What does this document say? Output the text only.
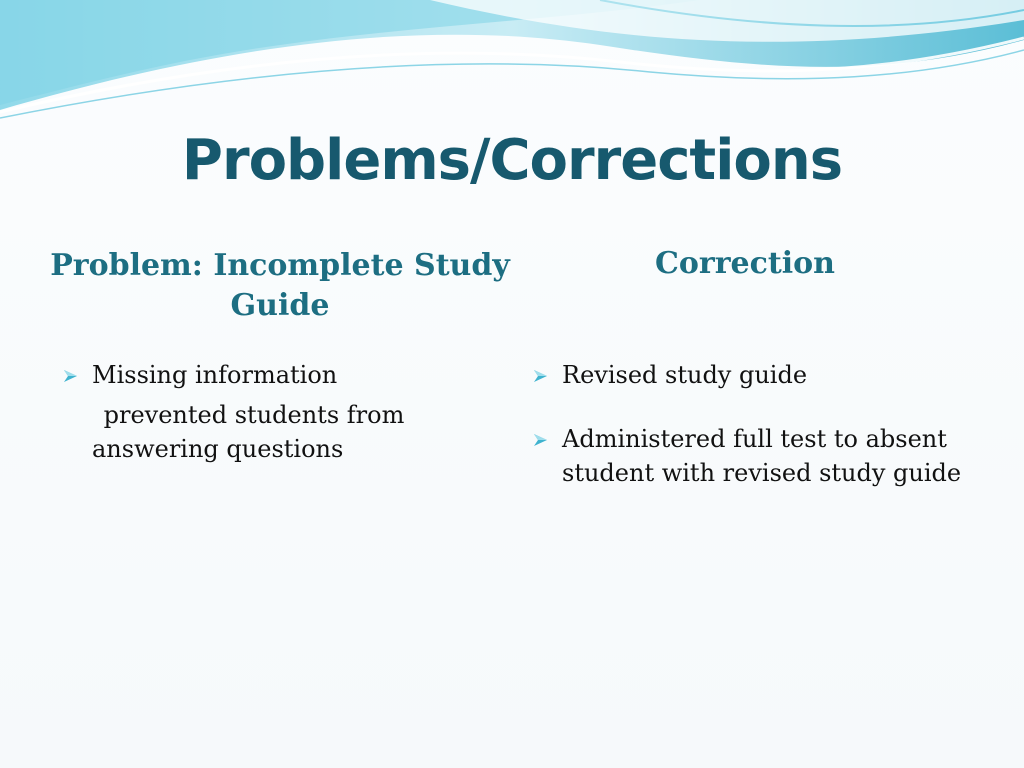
Problems/Corrections
Problem: Incomplete Study Guide
Correction
Missing information
prevented students from
answering questions
Revised study guide
Administered full test to absent student with revised study guide
